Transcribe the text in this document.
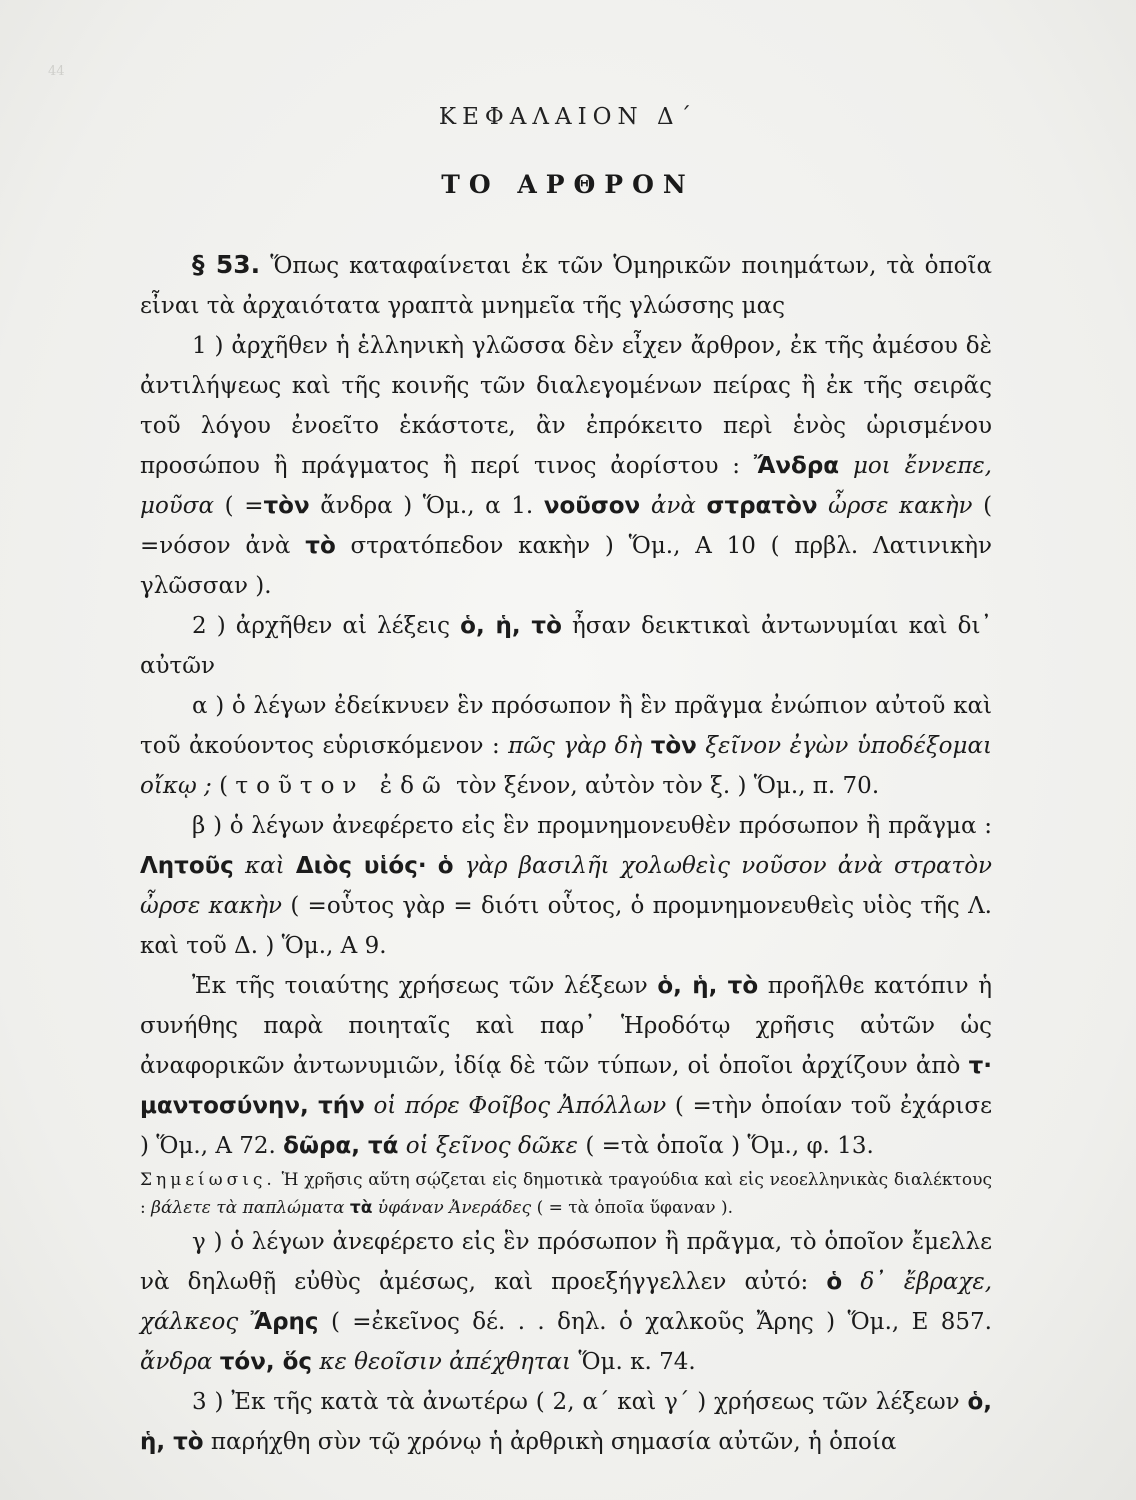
44
ΚΕΦΑΛΑΙΟΝ Δ΄
ΤΟ ΑΡΘΡΟΝ

§ 53. Ὅπως καταφαίνεται ἐκ τῶν Ὁμηρικῶν ποιημάτων, τὰ ὁποῖα εἶναι τὰ ἀρχαιότατα γραπτὰ μνημεῖα τῆς γλώσσης μας

1 ) ἀρχῆθεν ἡ ἑλληνικὴ γλῶσσα δὲν εἶχεν ἄρθρον, ἐκ τῆς ἀμέσου δὲ ἀντιλήψεως καὶ τῆς κοινῆς τῶν διαλεγομένων πείρας ἢ ἐκ τῆς σειρᾶς τοῦ λόγου ἐνοεῖτο ἑκάστοτε, ἂν ἐπρόκειτο περὶ ἑνὸς ὡρισμένου προσώπου ἢ πράγματος ἢ περί τινος ἀορίστου : Ἄνδρα μοι ἔννεπε, μοῦσα ( =τὸν ἄνδρα ) Ὅμ., α 1. νοῦσον ἀνὰ στρατὸν ὦρσε κακὴν ( =νόσον ἀνὰ τὸ στρατόπεδον κακὴν ) Ὅμ., Α 10 ( πρβλ. Λατινικὴν γλῶσσαν ).

2 ) ἀρχῆθεν αἱ λέξεις ὁ, ἡ, τὸ ἦσαν δεικτικαὶ ἀντωνυμίαι καὶ δι᾽ αὐτῶν

α ) ὁ λέγων ἐδείκνυεν ἓν πρόσωπον ἢ ἓν πρᾶγμα ἐνώπιον αὐτοῦ καὶ τοῦ ἀκούοντος εὑρισκόμενον : πῶς γὰρ δὴ τὸν ξεῖνον ἐγὼν ὑποδέξομαι οἴκῳ ; ( τοῦτον ἐδῶ τὸν ξένον, αὐτὸν τὸν ξ. ) Ὅμ., π. 70.

β ) ὁ λέγων ἀνεφέρετο εἰς ἓν προμνημονευθὲν πρόσωπον ἢ πρᾶγμα : Λητοῦς καὶ Διὸς υἱός· ὁ γὰρ βασιλῆι χολωθεὶς νοῦσον ἀνὰ στρατὸν ὦρσε κακὴν ( =οὗτος γὰρ = διότι οὗτος, ὁ προμνημονευθεὶς υἱὸς τῆς Λ. καὶ τοῦ Δ. ) Ὅμ., Α 9.

Ἐκ τῆς τοιαύτης χρήσεως τῶν λέξεων ὁ, ἡ, τὸ προῆλθε κατόπιν ἡ συνήθης παρὰ ποιηταῖς καὶ παρ᾽ Ἡροδότῳ χρῆσις αὐτῶν ὡς ἀναφορικῶν ἀντωνυμιῶν, ἰδίᾳ δὲ τῶν τύπων, οἱ ὁποῖοι ἀρχίζουν ἀπὸ τ· μαντοσύνην, τήν οἱ πόρε Φοῖβος Ἀπόλλων ( =τὴν ὁποίαν τοῦ ἐχάρισε ) Ὅμ., Α 72. δῶρα, τά οἱ ξεῖνος δῶκε ( =τὰ ὁποῖα ) Ὅμ., φ. 13.

Σημείωσις. Ἡ χρῆσις αὕτη σῴζεται εἰς δημοτικὰ τραγούδια καὶ εἰς νεοελληνικὰς διαλέκτους : βάλετε τὰ παπλώματα τὰ ὑφάναν Ἀνεράδες ( = τὰ ὁποῖα ὕφαναν ).

γ ) ὁ λέγων ἀνεφέρετο εἰς ἓν πρόσωπον ἢ πρᾶγμα, τὸ ὁποῖον ἔμελλε νὰ δηλωθῇ εὐθὺς ἀμέσως, καὶ προεξήγγελλεν αὐτό: ὁ δ᾽ ἔβραχε, χάλκεος Ἄρης ( =ἐκεῖνος δέ. . . δηλ. ὁ χαλκοῦς Ἄρης ) Ὅμ., Ε 857. ἄνδρα τόν, ὅς κε θεοῖσιν ἀπέχθηται Ὅμ. κ. 74.

3 ) Ἐκ τῆς κατὰ τὰ ἀνωτέρω ( 2, α΄ καὶ γ΄ ) χρήσεως τῶν λέξεων ὁ, ἡ, τὸ παρήχθη σὺν τῷ χρόνῳ ἡ ἀρθρικὴ σημασία αὐτῶν, ἡ ὁποία
